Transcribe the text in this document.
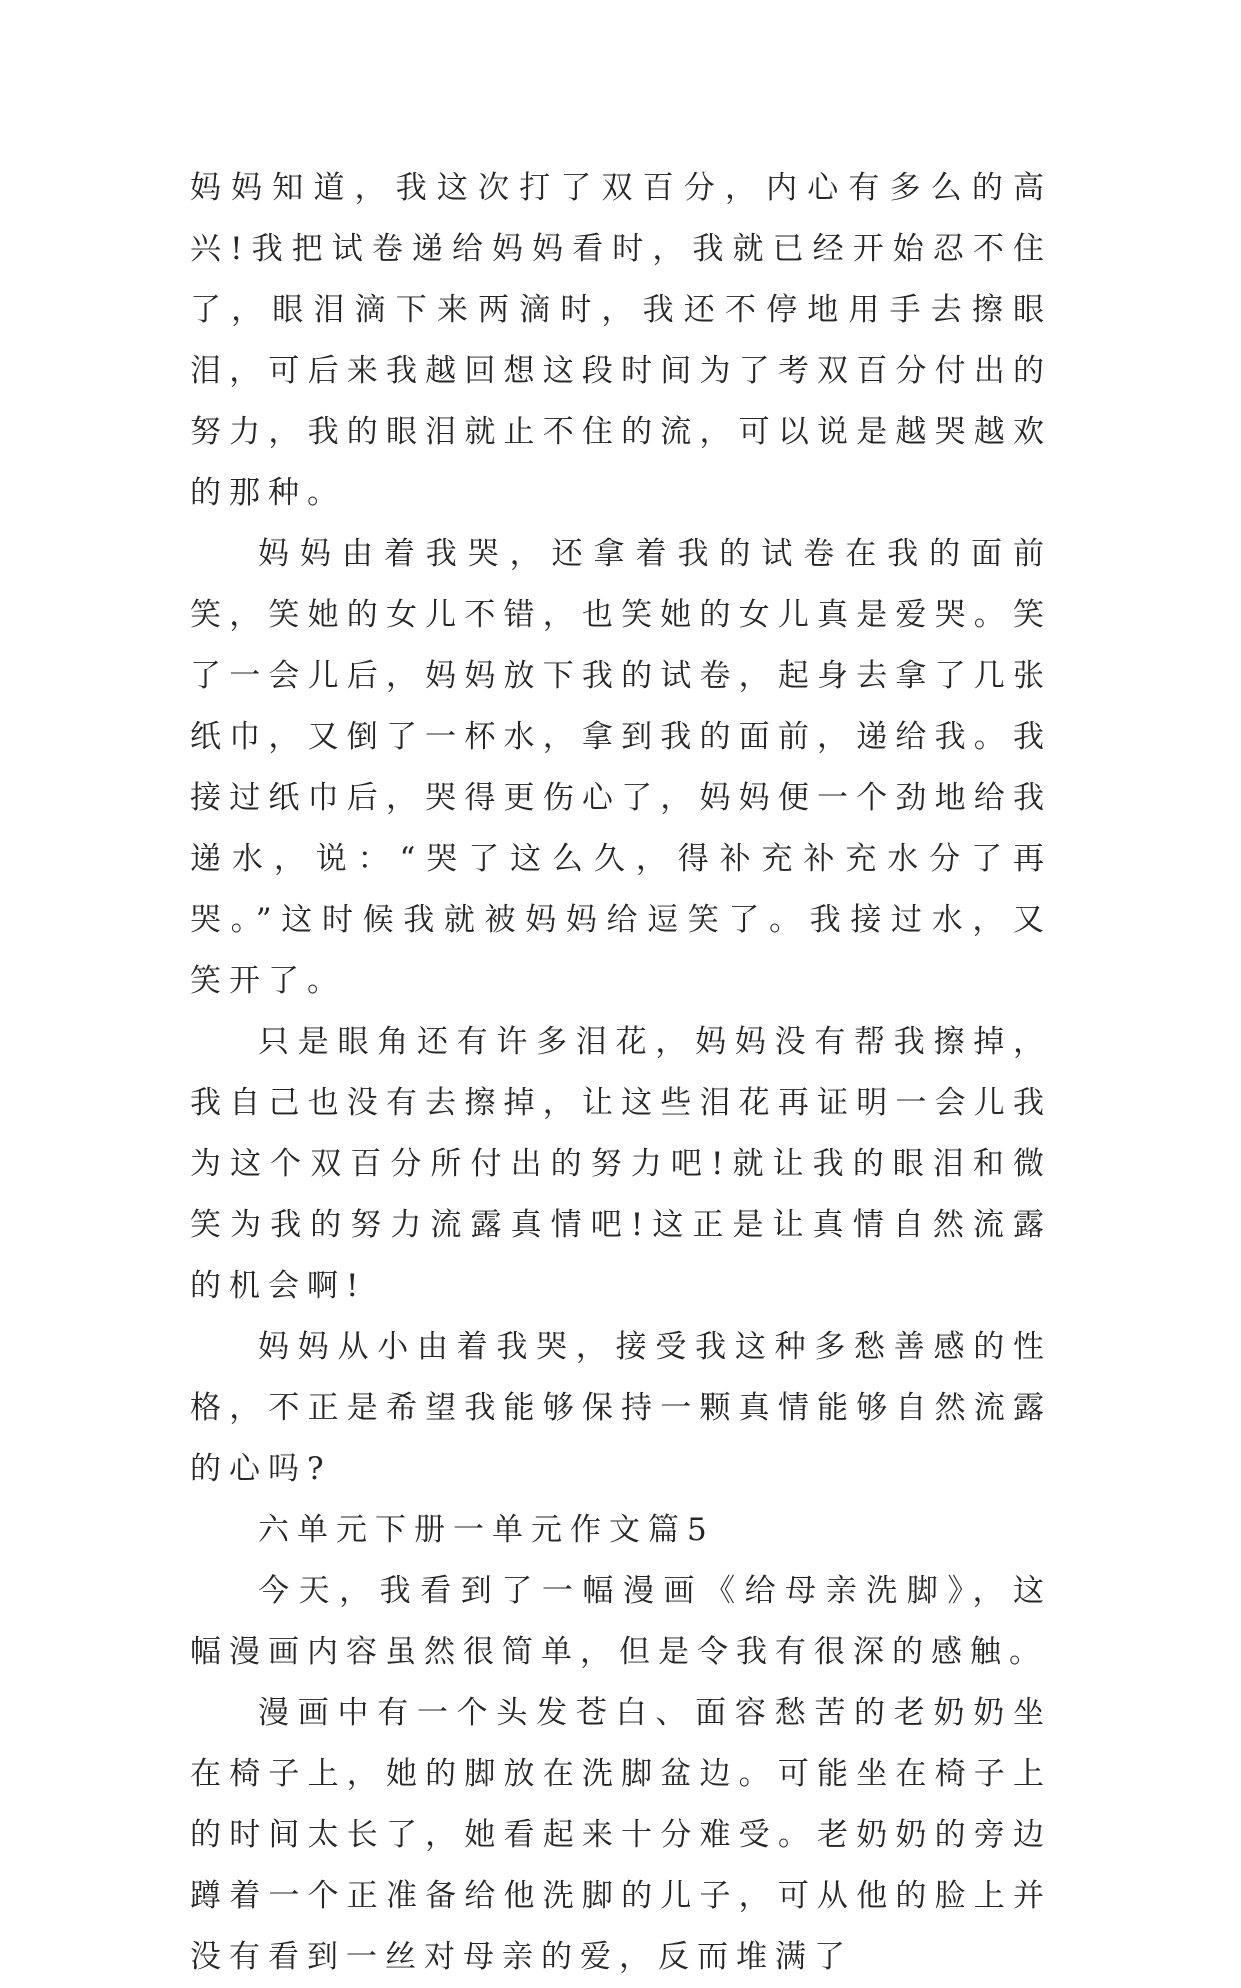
妈妈知道，我这次打了双百分，内心有多么的高兴!我把试卷递给妈妈看时，我就已经开始忍不住了，眼泪滴下来两滴时，我还不停地用手去擦眼泪，可后来我越回想这段时间为了考双百分付出的努力，我的眼泪就止不住的流，可以说是越哭越欢的那种。

妈妈由着我哭，还拿着我的试卷在我的面前笑，笑她的女儿不错，也笑她的女儿真是爱哭。笑了一会儿后，妈妈放下我的试卷，起身去拿了几张纸巾，又倒了一杯水，拿到我的面前，递给我。我接过纸巾后，哭得更伤心了，妈妈便一个劲地给我递水，说：“哭了这么久，得补充补充水分了再哭。”这时候我就被妈妈给逗笑了。我接过水，又笑开了。

只是眼角还有许多泪花，妈妈没有帮我擦掉，我自己也没有去擦掉，让这些泪花再证明一会儿我为这个双百分所付出的努力吧!就让我的眼泪和微笑为我的努力流露真情吧!这正是让真情自然流露的机会啊!

妈妈从小由着我哭，接受我这种多愁善感的性格，不正是希望我能够保持一颗真情能够自然流露的心吗?

六单元下册一单元作文篇5

今天，我看到了一幅漫画《给母亲洗脚》，这幅漫画内容虽然很简单，但是令我有很深的感触。

漫画中有一个头发苍白、面容愁苦的老奶奶坐在椅子上，她的脚放在洗脚盆边。可能坐在椅子上的时间太长了，她看起来十分难受。老奶奶的旁边蹲着一个正准备给他洗脚的儿子，可从他的脸上并没有看到一丝对母亲的爱，反而堆满了
